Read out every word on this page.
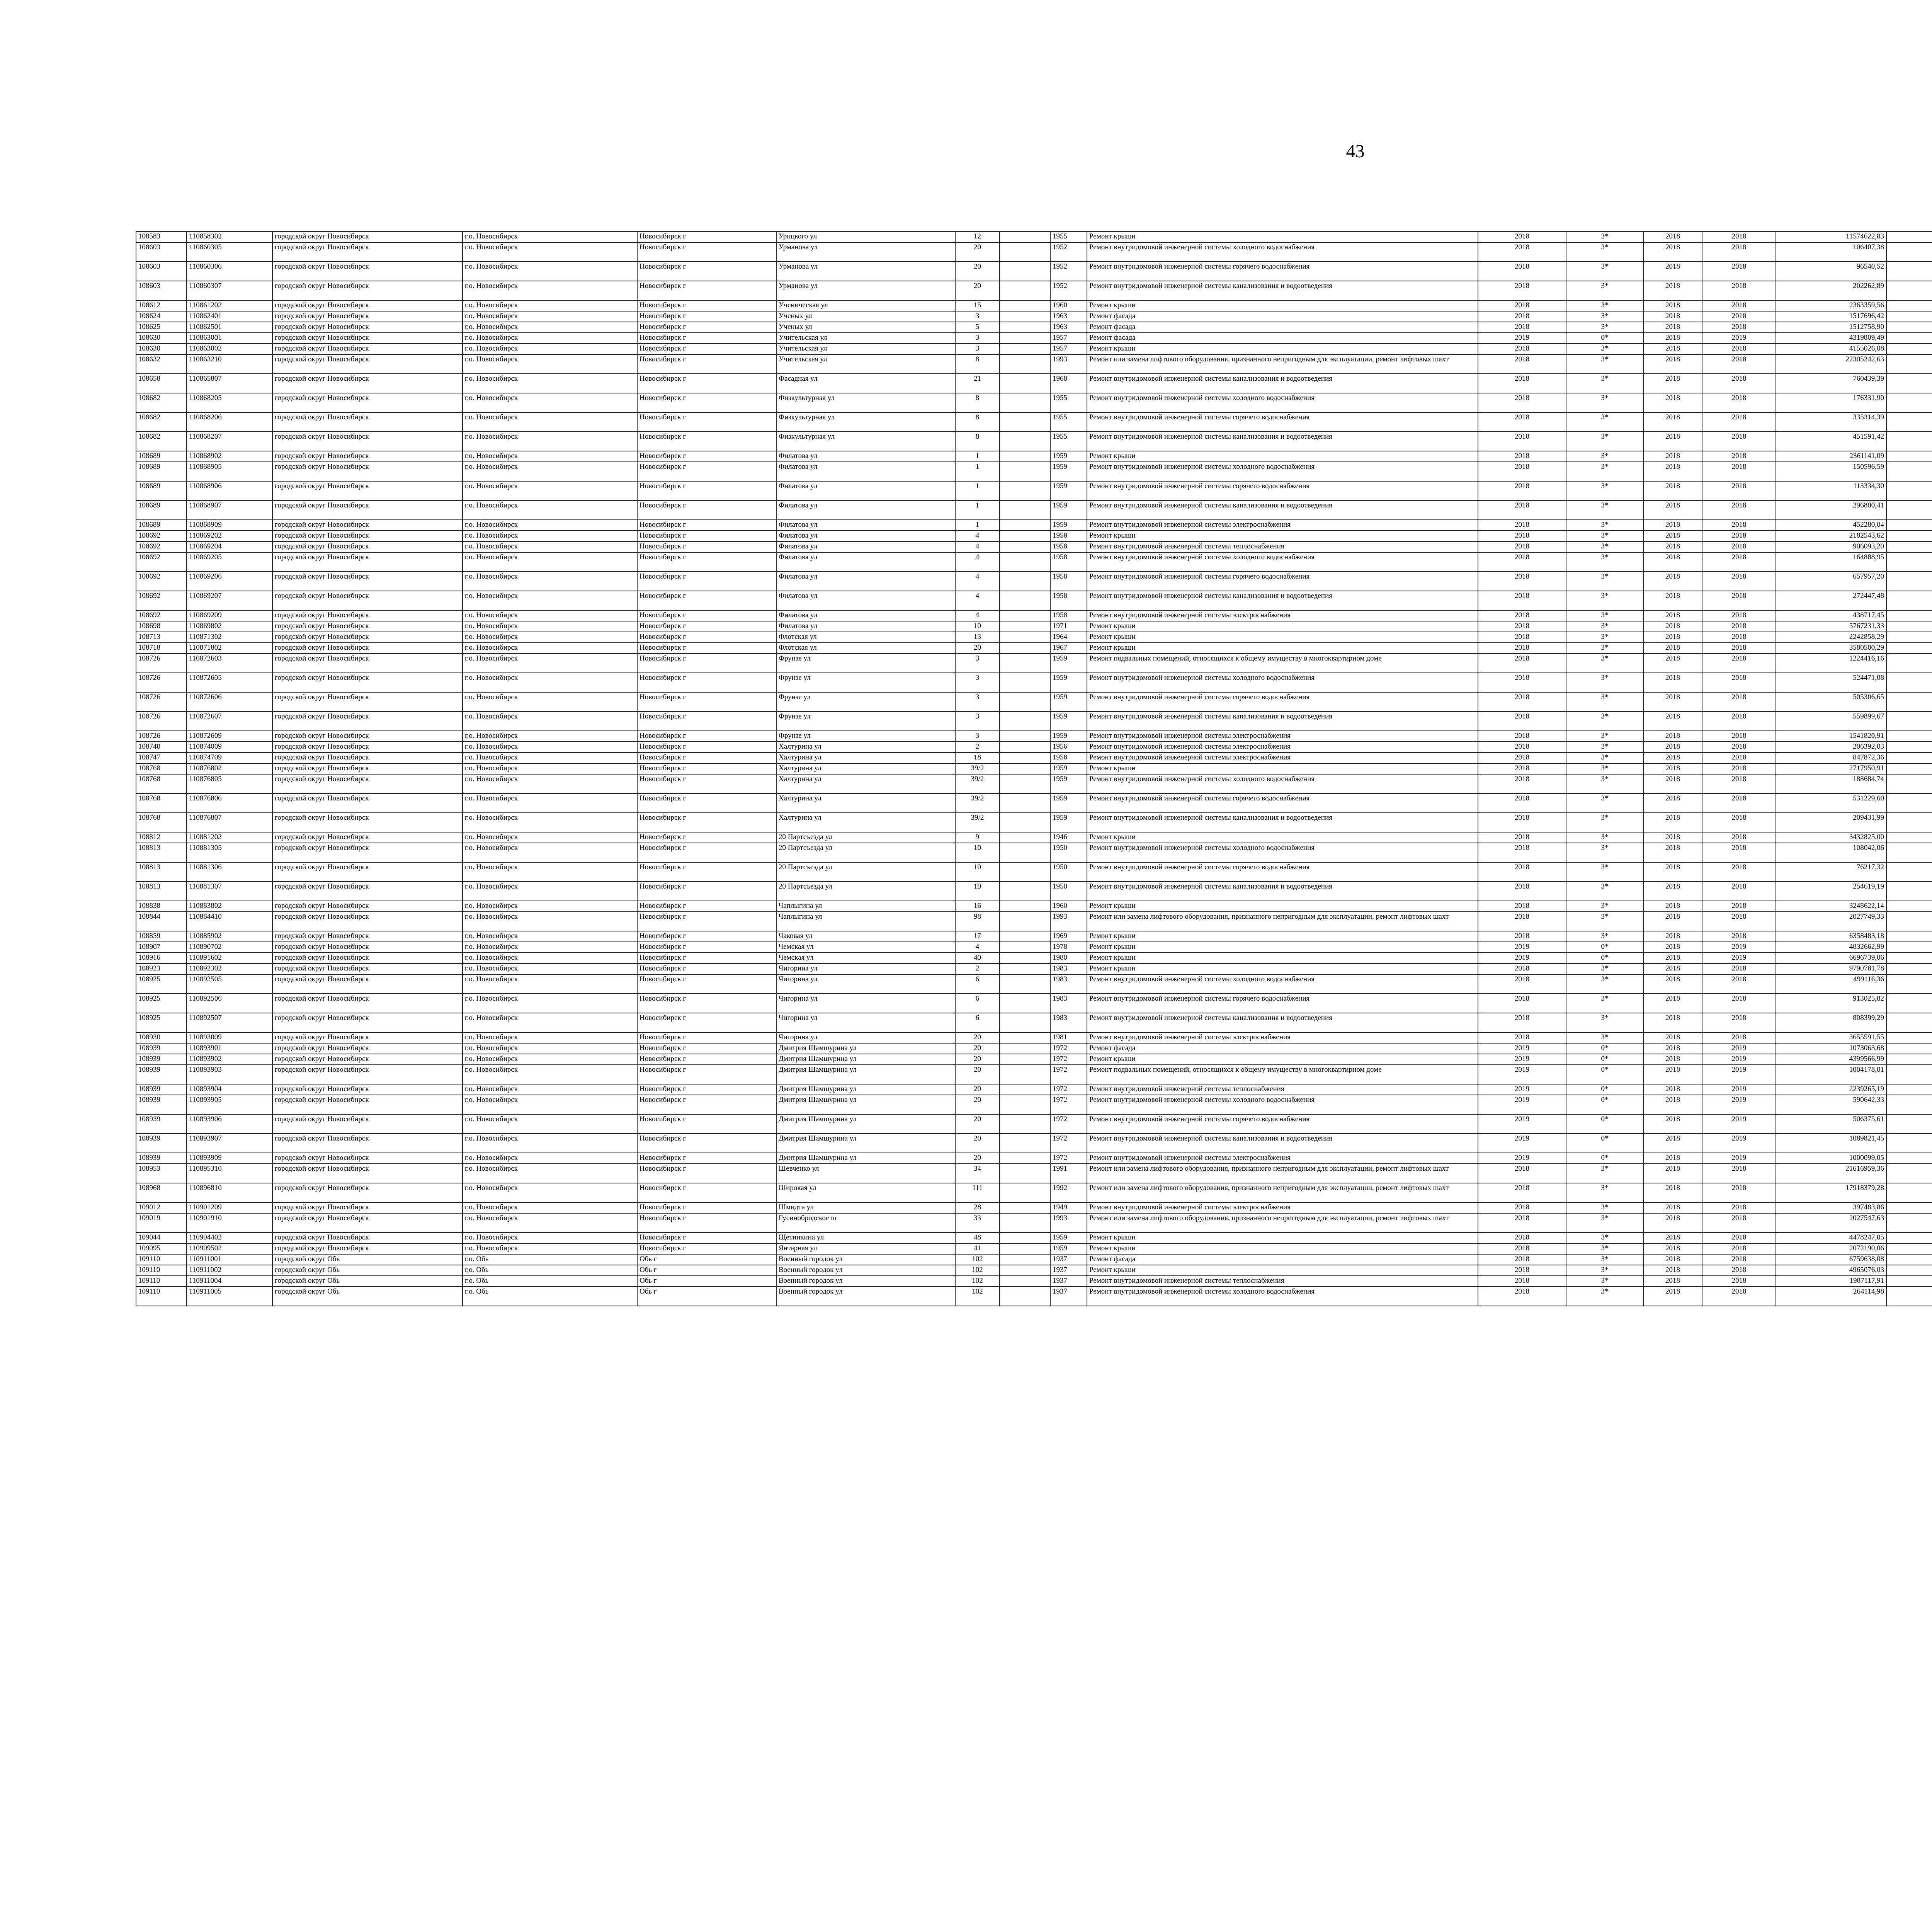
43
108583	110858302	городской округ Новосибирск	г.о. Новосибирск	Новосибирск г	Урицкого ул	12		1955	Ремонт крыши	2018	3*	2018	2018	11574622,83									
108603	110860305	городской округ Новосибирск	г.о. Новосибирск	Новосибирск г	Урманова ул	20		1952	Ремонт внутридомовой инженерной системы холодного водоснабжения	2018	3*	2018	2018	106407,38									
108603	110860306	городской округ Новосибирск	г.о. Новосибирск	Новосибирск г	Урманова ул	20		1952	Ремонт внутридомовой инженерной системы горячего водоснабжения	2018	3*	2018	2018	96540,52									
108603	110860307	городской округ Новосибирск	г.о. Новосибирск	Новосибирск г	Урманова ул	20		1952	Ремонт внутридомовой инженерной системы канализования и водоотведения	2018	3*	2018	2018	202262,89									
108612	110861202	городской округ Новосибирск	г.о. Новосибирск	Новосибирск г	Ученическая ул	15		1960	Ремонт крыши	2018	3*	2018	2018	2363359,56									
108624	110862401	городской округ Новосибирск	г.о. Новосибирск	Новосибирск г	Ученых ул	3		1963	Ремонт фасада	2018	3*	2018	2018	1517696,42									
108625	110862501	городской округ Новосибирск	г.о. Новосибирск	Новосибирск г	Ученых ул	5		1963	Ремонт фасада	2018	3*	2018	2018	1512758,90									
108630	110863001	городской округ Новосибирск	г.о. Новосибирск	Новосибирск г	Учительская ул	3		1957	Ремонт фасада	2019	0*	2018	2019	4319809,49									
108630	110863002	городской округ Новосибирск	г.о. Новосибирск	Новосибирск г	Учительская ул	3		1957	Ремонт крыши	2018	3*	2018	2018	4155026,08									
108632	110863210	городской округ Новосибирск	г.о. Новосибирск	Новосибирск г	Учительская ул	8		1993	Ремонт или замена лифтового оборудования, признанного непригодным для эксплуатации, ремонт лифтовых шахт	2018	3*	2018	2018	22305242,63									
108658	110865807	городской округ Новосибирск	г.о. Новосибирск	Новосибирск г	Фасадная ул	21		1968	Ремонт внутридомовой инженерной системы канализования и водоотведения	2018	3*	2018	2018	760439,39									
108682	110868205	городской округ Новосибирск	г.о. Новосибирск	Новосибирск г	Физкультурная ул	8		1955	Ремонт внутридомовой инженерной системы холодного водоснабжения	2018	3*	2018	2018	176331,90									
108682	110868206	городской округ Новосибирск	г.о. Новосибирск	Новосибирск г	Физкультурная ул	8		1955	Ремонт внутридомовой инженерной системы горячего водоснабжения	2018	3*	2018	2018	335314,39									
108682	110868207	городской округ Новосибирск	г.о. Новосибирск	Новосибирск г	Физкультурная ул	8		1955	Ремонт внутридомовой инженерной системы канализования и водоотведения	2018	3*	2018	2018	451591,42									
108689	110868902	городской округ Новосибирск	г.о. Новосибирск	Новосибирск г	Филатова ул	1		1959	Ремонт крыши	2018	3*	2018	2018	2361141,09									
108689	110868905	городской округ Новосибирск	г.о. Новосибирск	Новосибирск г	Филатова ул	1		1959	Ремонт внутридомовой инженерной системы холодного водоснабжения	2018	3*	2018	2018	150596,59									
108689	110868906	городской округ Новосибирск	г.о. Новосибирск	Новосибирск г	Филатова ул	1		1959	Ремонт внутридомовой инженерной системы горячего водоснабжения	2018	3*	2018	2018	113334,30									
108689	110868907	городской округ Новосибирск	г.о. Новосибирск	Новосибирск г	Филатова ул	1		1959	Ремонт внутридомовой инженерной системы канализования и водоотведения	2018	3*	2018	2018	296800,41									
108689	110868909	городской округ Новосибирск	г.о. Новосибирск	Новосибирск г	Филатова ул	1		1959	Ремонт внутридомовой инженерной системы электроснабжения	2018	3*	2018	2018	452280,04									
108692	110869202	городской округ Новосибирск	г.о. Новосибирск	Новосибирск г	Филатова ул	4		1958	Ремонт крыши	2018	3*	2018	2018	2182543,62									
108692	110869204	городской округ Новосибирск	г.о. Новосибирск	Новосибирск г	Филатова ул	4		1958	Ремонт внутридомовой инженерной системы теплоснабжения	2018	3*	2018	2018	906093,20									
108692	110869205	городской округ Новосибирск	г.о. Новосибирск	Новосибирск г	Филатова ул	4		1958	Ремонт внутридомовой инженерной системы холодного водоснабжения	2018	3*	2018	2018	164888,95									
108692	110869206	городской округ Новосибирск	г.о. Новосибирск	Новосибирск г	Филатова ул	4		1958	Ремонт внутридомовой инженерной системы горячего водоснабжения	2018	3*	2018	2018	657957,20									
108692	110869207	городской округ Новосибирск	г.о. Новосибирск	Новосибирск г	Филатова ул	4		1958	Ремонт внутридомовой инженерной системы канализования и водоотведения	2018	3*	2018	2018	272447,48									
108692	110869209	городской округ Новосибирск	г.о. Новосибирск	Новосибирск г	Филатова ул	4		1958	Ремонт внутридомовой инженерной системы электроснабжения	2018	3*	2018	2018	438717,45									
108698	110869802	городской округ Новосибирск	г.о. Новосибирск	Новосибирск г	Филатова ул	10		1971	Ремонт крыши	2018	3*	2018	2018	5767231,33									
108713	110871302	городской округ Новосибирск	г.о. Новосибирск	Новосибирск г	Флотская ул	13		1964	Ремонт крыши	2018	3*	2018	2018	2242858,29									
108718	110871802	городской округ Новосибирск	г.о. Новосибирск	Новосибирск г	Флотская ул	20		1967	Ремонт крыши	2018	3*	2018	2018	3580500,29									
108726	110872603	городской округ Новосибирск	г.о. Новосибирск	Новосибирск г	Фрунзе ул	3		1959	Ремонт подвальных помещений, относящихся к общему имуществу в многоквартирном доме	2018	3*	2018	2018	1224416,16									
108726	110872605	городской округ Новосибирск	г.о. Новосибирск	Новосибирск г	Фрунзе ул	3		1959	Ремонт внутридомовой инженерной системы холодного водоснабжения	2018	3*	2018	2018	524471,08									
108726	110872606	городской округ Новосибирск	г.о. Новосибирск	Новосибирск г	Фрунзе ул	3		1959	Ремонт внутридомовой инженерной системы горячего водоснабжения	2018	3*	2018	2018	505306,65									
108726	110872607	городской округ Новосибирск	г.о. Новосибирск	Новосибирск г	Фрунзе ул	3		1959	Ремонт внутридомовой инженерной системы канализования и водоотведения	2018	3*	2018	2018	559899,67									
108726	110872609	городской округ Новосибирск	г.о. Новосибирск	Новосибирск г	Фрунзе ул	3		1959	Ремонт внутридомовой инженерной системы электроснабжения	2018	3*	2018	2018	1541820,91									
108740	110874009	городской округ Новосибирск	г.о. Новосибирск	Новосибирск г	Халтурина ул	2		1956	Ремонт внутридомовой инженерной системы электроснабжения	2018	3*	2018	2018	206392,03									
108747	110874709	городской округ Новосибирск	г.о. Новосибирск	Новосибирск г	Халтурина ул	18		1958	Ремонт внутридомовой инженерной системы электроснабжения	2018	3*	2018	2018	847872,36									
108768	110876802	городской округ Новосибирск	г.о. Новосибирск	Новосибирск г	Халтурина ул	39/2		1959	Ремонт крыши	2018	3*	2018	2018	2717950,91									
108768	110876805	городской округ Новосибирск	г.о. Новосибирск	Новосибирск г	Халтурина ул	39/2		1959	Ремонт внутридомовой инженерной системы холодного водоснабжения	2018	3*	2018	2018	188684,74									
108768	110876806	городской округ Новосибирск	г.о. Новосибирск	Новосибирск г	Халтурина ул	39/2		1959	Ремонт внутридомовой инженерной системы горячего водоснабжения	2018	3*	2018	2018	531229,60									
108768	110876807	городской округ Новосибирск	г.о. Новосибирск	Новосибирск г	Халтурина ул	39/2		1959	Ремонт внутридомовой инженерной системы канализования и водоотведения	2018	3*	2018	2018	209431,99									
108812	110881202	городской округ Новосибирск	г.о. Новосибирск	Новосибирск г	20 Партсъезда ул	9		1946	Ремонт крыши	2018	3*	2018	2018	3432825,00									
108813	110881305	городской округ Новосибирск	г.о. Новосибирск	Новосибирск г	20 Партсъезда ул	10		1950	Ремонт внутридомовой инженерной системы холодного водоснабжения	2018	3*	2018	2018	108042,06									
108813	110881306	городской округ Новосибирск	г.о. Новосибирск	Новосибирск г	20 Партсъезда ул	10		1950	Ремонт внутридомовой инженерной системы горячего водоснабжения	2018	3*	2018	2018	76217,32									
108813	110881307	городской округ Новосибирск	г.о. Новосибирск	Новосибирск г	20 Партсъезда ул	10		1950	Ремонт внутридомовой инженерной системы канализования и водоотведения	2018	3*	2018	2018	254619,19									
108838	110883802	городской округ Новосибирск	г.о. Новосибирск	Новосибирск г	Чаплыгина ул	16		1960	Ремонт крыши	2018	3*	2018	2018	3248622,14									
108844	110884410	городской округ Новосибирск	г.о. Новосибирск	Новосибирск г	Чаплыгина ул	98		1993	Ремонт или замена лифтового оборудования, признанного непригодным для эксплуатации, ремонт лифтовых шахт	2018	3*	2018	2018	2027749,33									
108859	110885902	городской округ Новосибирск	г.о. Новосибирск	Новосибирск г	Чаковая ул	17		1969	Ремонт крыши	2018	3*	2018	2018	6358483,18									
108907	110890702	городской округ Новосибирск	г.о. Новосибирск	Новосибирск г	Чемская ул	4		1978	Ремонт крыши	2019	0*	2018	2019	4832662,99									
108916	110891602	городской округ Новосибирск	г.о. Новосибирск	Новосибирск г	Чемская ул	40		1980	Ремонт крыши	2019	0*	2018	2019	6696739,06									
108923	110892302	городской округ Новосибирск	г.о. Новосибирск	Новосибирск г	Чигорина ул	2		1983	Ремонт крыши	2018	3*	2018	2018	9790781,78									
108925	110892505	городской округ Новосибирск	г.о. Новосибирск	Новосибирск г	Чигорина ул	6		1983	Ремонт внутридомовой инженерной системы холодного водоснабжения	2018	3*	2018	2018	499116,36									
108925	110892506	городской округ Новосибирск	г.о. Новосибирск	Новосибирск г	Чигорина ул	6		1983	Ремонт внутридомовой инженерной системы горячего водоснабжения	2018	3*	2018	2018	913025,82									
108925	110892507	городской округ Новосибирск	г.о. Новосибирск	Новосибирск г	Чигорина ул	6		1983	Ремонт внутридомовой инженерной системы канализования и водоотведения	2018	3*	2018	2018	808399,29									
108930	110893009	городской округ Новосибирск	г.о. Новосибирск	Новосибирск г	Чигорина ул	20		1981	Ремонт внутридомовой инженерной системы электроснабжения	2018	3*	2018	2018	3655591,55									
108939	110893901	городской округ Новосибирск	г.о. Новосибирск	Новосибирск г	Дмитрия Шамшурина ул	20		1972	Ремонт фасада	2019	0*	2018	2019	1073063,68									
108939	110893902	городской округ Новосибирск	г.о. Новосибирск	Новосибирск г	Дмитрия Шамшурина ул	20		1972	Ремонт крыши	2019	0*	2018	2019	4399566,99									
108939	110893903	городской округ Новосибирск	г.о. Новосибирск	Новосибирск г	Дмитрия Шамшурина ул	20		1972	Ремонт подвальных помещений, относящихся к общему имуществу в многоквартирном доме	2019	0*	2018	2019	1004178,01									
108939	110893904	городской округ Новосибирск	г.о. Новосибирск	Новосибирск г	Дмитрия Шамшурина ул	20		1972	Ремонт внутридомовой инженерной системы теплоснабжения	2019	0*	2018	2019	2239265,19									
108939	110893905	городской округ Новосибирск	г.о. Новосибирск	Новосибирск г	Дмитрия Шамшурина ул	20		1972	Ремонт внутридомовой инженерной системы холодного водоснабжения	2019	0*	2018	2019	590642,33									
108939	110893906	городской округ Новосибирск	г.о. Новосибирск	Новосибирск г	Дмитрия Шамшурина ул	20		1972	Ремонт внутридомовой инженерной системы горячего водоснабжения	2019	0*	2018	2019	506375,61									
108939	110893907	городской округ Новосибирск	г.о. Новосибирск	Новосибирск г	Дмитрия Шамшурина ул	20		1972	Ремонт внутридомовой инженерной системы канализования и водоотведения	2019	0*	2018	2019	1089821,45									
108939	110893909	городской округ Новосибирск	г.о. Новосибирск	Новосибирск г	Дмитрия Шамшурина ул	20		1972	Ремонт внутридомовой инженерной системы электроснабжения	2019	0*	2018	2019	1000099,05									
108953	110895310	городской округ Новосибирск	г.о. Новосибирск	Новосибирск г	Шевченко ул	34		1991	Ремонт или замена лифтового оборудования, признанного непригодным для эксплуатации, ремонт лифтовых шахт	2018	3*	2018	2018	21616959,36									
108968	110896810	городской округ Новосибирск	г.о. Новосибирск	Новосибирск г	Широкая ул	111		1992	Ремонт или замена лифтового оборудования, признанного непригодным для эксплуатации, ремонт лифтовых шахт	2018	3*	2018	2018	17918379,28									
109012	110901209	городской округ Новосибирск	г.о. Новосибирск	Новосибирск г	Шмидта ул	28		1949	Ремонт внутридомовой инженерной системы электроснабжения	2018	3*	2018	2018	397483,86									
109019	110901910	городской округ Новосибирск	г.о. Новосибирск	Новосибирск г	Гусинобродское ш	33		1993	Ремонт или замена лифтового оборудования, признанного непригодным для эксплуатации, ремонт лифтовых шахт	2018	3*	2018	2018	2027547,63									
109044	110904402	городской округ Новосибирск	г.о. Новосибирск	Новосибирск г	Щетинкина ул	48		1959	Ремонт крыши	2018	3*	2018	2018	4478247,05									
109095	110909502	городской округ Новосибирск	г.о. Новосибирск	Новосибирск г	Янтарная ул	41		1959	Ремонт крыши	2018	3*	2018	2018	2072190,06									
109110	110911001	городской округ Обь	г.о. Обь	Обь г	Военный городок ул	102		1937	Ремонт фасада	2018	3*	2018	2018	6759638,08									
109110	110911002	городской округ Обь	г.о. Обь	Обь г	Военный городок ул	102		1937	Ремонт крыши	2018	3*	2018	2018	4965076,03									
109110	110911004	городской округ Обь	г.о. Обь	Обь г	Военный городок ул	102		1937	Ремонт внутридомовой инженерной системы теплоснабжения	2018	3*	2018	2018	1987117,91									
109110	110911005	городской округ Обь	г.о. Обь	Обь г	Военный городок ул	102		1937	Ремонт внутридомовой инженерной системы холодного водоснабжения	2018	3*	2018	2018	264114,98									
